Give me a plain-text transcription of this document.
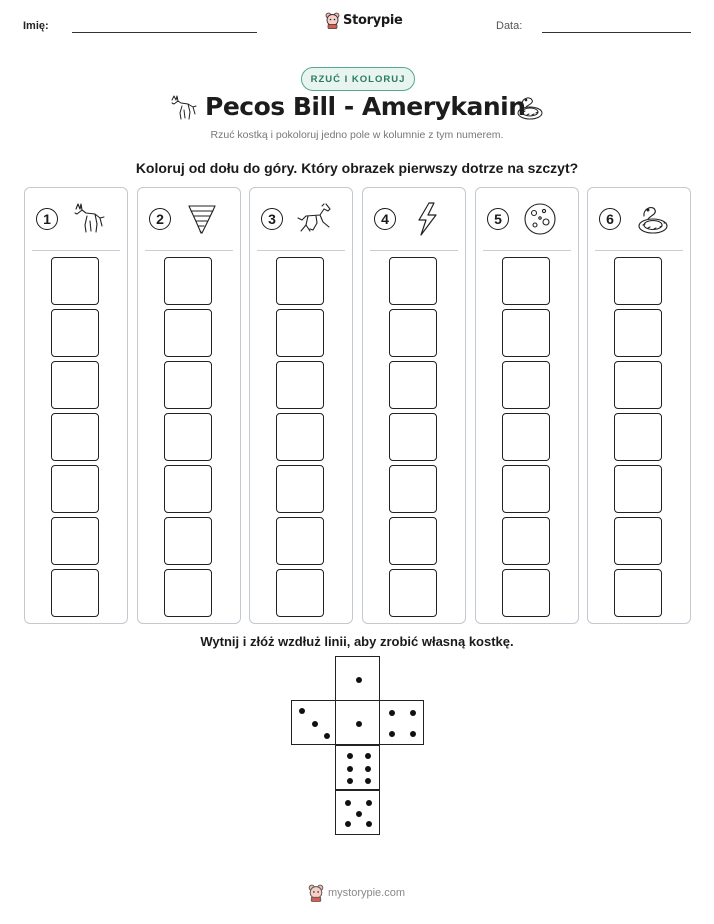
Imię:	Storypie	Data:
RZUĆ I KOLORUJ
Pecos Bill - Amerykanin
Rzuć kostką i pokoloruj jedno pole w kolumnie z tym numerem.
Koloruj od dołu do góry. Który obrazek pierwszy dotrze na szczyt?
1	2	3	4	5	6
Wytnij i złóż wzdłuż linii, aby zrobić własną kostkę.
mystorypie.com
